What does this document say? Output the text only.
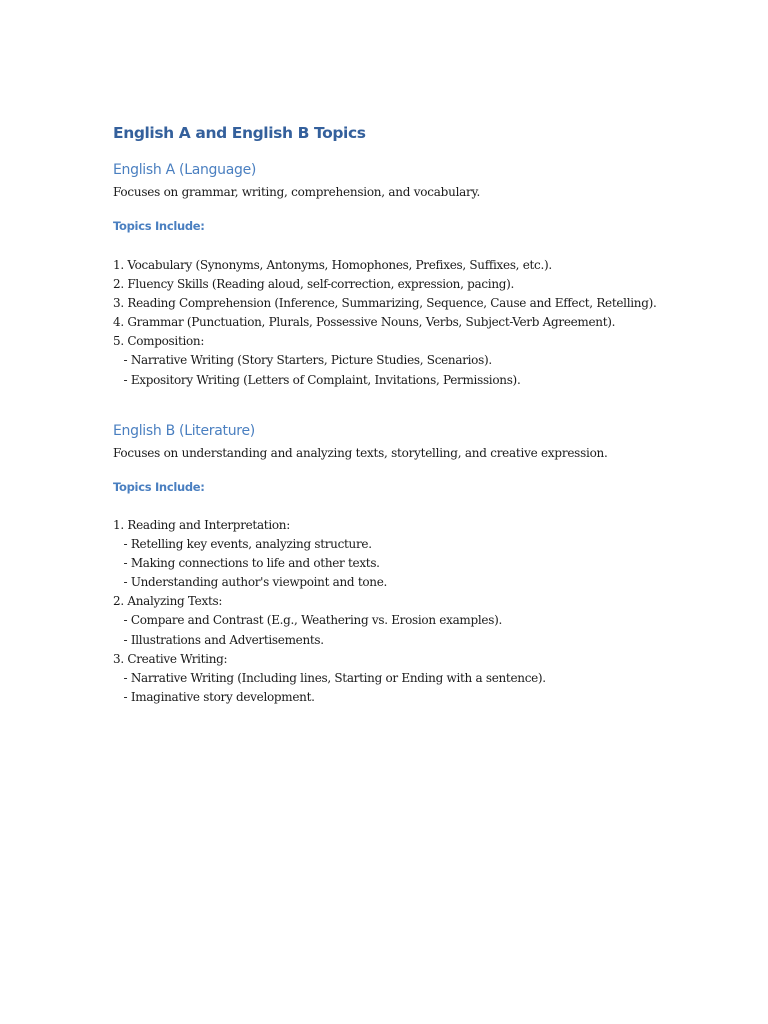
English A and English B Topics
English A (Language)

Focuses on grammar, writing, comprehension, and vocabulary.

Topics Include:
1. Vocabulary (Synonyms, Antonyms, Homophones, Prefixes, Suffixes, etc.).
2. Fluency Skills (Reading aloud, self-correction, expression, pacing).
3. Reading Comprehension (Inference, Summarizing, Sequence, Cause and Effect, Retelling).
4. Grammar (Punctuation, Plurals, Possessive Nouns, Verbs, Subject-Verb Agreement).
5. Composition:
- Narrative Writing (Story Starters, Picture Studies, Scenarios).
- Expository Writing (Letters of Complaint, Invitations, Permissions).
English B (Literature)

Focuses on understanding and analyzing texts, storytelling, and creative expression.

Topics Include:
1. Reading and Interpretation:
- Retelling key events, analyzing structure.
- Making connections to life and other texts.
- Understanding author's viewpoint and tone.
2. Analyzing Texts:
- Compare and Contrast (E.g., Weathering vs. Erosion examples).
- Illustrations and Advertisements.
3. Creative Writing:
- Narrative Writing (Including lines, Starting or Ending with a sentence).
- Imaginative story development.
